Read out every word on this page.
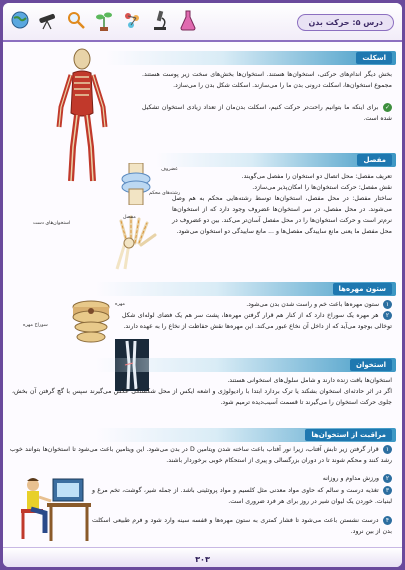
درس ۵: حرکت بدن
اسکلت
بخش دیگر اندام‌های حرکتی، استخوان‌ها هستند. استخوان‌ها بخش‌های سخت زیر پوست هستند. مجموع استخوان‌ها، اسکلت درونی بدن ما را می‌سازند. اسکلت شکل بدن را می‌سازد.
✓ برای اینکه ما بتوانیم راحت‌تر حرکت کنیم، اسکلت بدن‌مان از تعداد زیادی استخوان تشکیل شده است.
غضروف
رشته‌های محکم
مفصل
استخوان‌های دست
مفصل
تعریف مفصل: محل اتصال دو استخوان را مفصل می‌گویند.
نقش مفصل: حرکت استخوان‌ها را امکان‌پذیر می‌سازد.
ساختار مفصل: در محل مفصل، استخوان‌ها توسط رشته‌هایی محکم به هم وصل می‌شوند. در محل مفصل، در سر استخوان‌ها غضروف وجود دارد که از استخوان‌ها نرم‌تر است و حرکت استخوان‌ها را در محل مفصل آسان‌تر می‌کند. بین دو غضروف در محل مفصل ما یعنی مانع ساییدگی مفصل‌ها و ... مانع ساییدگی دو استخوان می‌شود.
ستون مهره‌ها
مهره
سوراخ مهره
۱ ستون مهره‌ها باعث خم و راست شدن بدن می‌شود.
۲ هر مهره یک سوراخ دارد که از کنار هم قرار گرفتن مهره‌ها، پشت سر هم یک فضای لوله‌ای شکل توخالی بوجود می‌آید که از داخل آن نخاع عبور می‌کند. این مهره‌ها نقش حفاظت از نخاع را به عهده دارند.
استخوان
استخوان‌ها بافت زنده دارند و شامل سلول‌های استخوانی هستند.
اگر در اثر حادثه‌ای استخوان بشکند یا ترک بردارد ابتدا با رادیولوژی و اشعه ایکس از محل شکستگی عکس می‌گیرند سپس با گچ گرفتن آن بخش، جلوی حرکت استخوان را می‌گیرند تا قسمت آسیب‌دیده ترمیم شود.
مراقبت از استخوان‌ها
۱ قرار گرفتن زیر تابش آفتاب، زیرا نور آفتاب باعث ساخته شدن ویتامین D در بدن می‌شود. این ویتامین باعث می‌شود تا استخوان‌ها بتوانند خوب رشد کنند و محکم شوند تا در دوران بزرگسالی و پیری از استحکام خوبی برخوردار باشند.
۲ ورزش مداوم و روزانه
۳ تغذیه درست و سالم که حاوی مواد معدنی مثل کلسیم و مواد پروتئینی باشد. از جمله شیر، گوشت، تخم مرغ و لبنیات. خوردن یک لیوان شیر در روز برای هر فرد ضروری است.
۴ درست نشستن باعث می‌شود تا فشار کمتری به ستون مهره‌ها و قفسه سینه وارد شود و فرم طبیعی اسکلت بدن از بین نرود.
۳۰۳
